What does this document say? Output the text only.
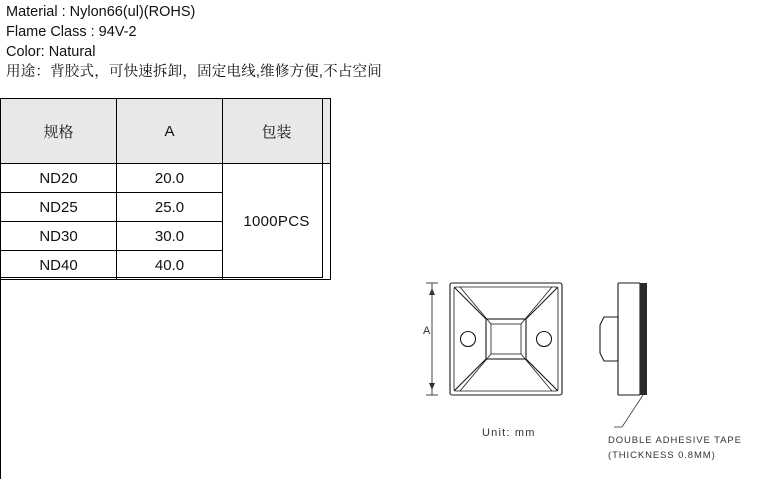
Material : Nylon66(ul)(ROHS)
Flame Class : 94V-2
Color: Natural
用途：背胶式，可快速拆卸，固定电线,维修方便,不占空间
规格	A	包装
ND20	20.0	1000PCS
ND25	25.0	
ND30	30.0	
ND40	40.0	
A
Unit: mm
DOUBLE ADHESIVE TAPE
(THICKNESS 0.8MM)
